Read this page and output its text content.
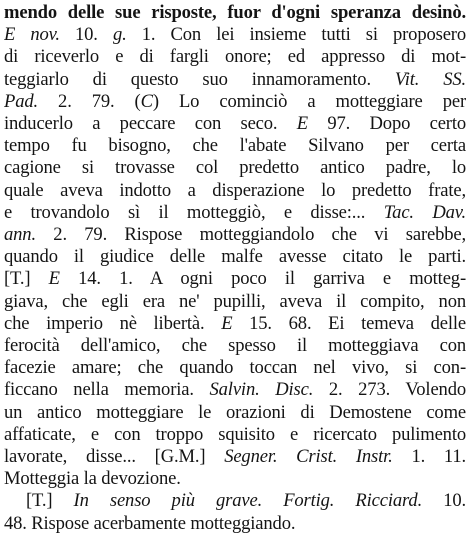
mendo delle sue risposte, fuor d'ogni speranza desinò.
E nov. 10. g. 1. Con lei insieme tutti si proposero
di riceverlo e di fargli onore; ed appresso di mot-
teggiarlo di questo suo innamoramento. Vit. SS.
Pad. 2. 79. (C) Lo cominciò a motteggiare per
inducerlo a peccare con seco. E 97. Dopo certo
tempo fu bisogno, che l'abate Silvano per certa
cagione si trovasse col predetto antico padre, lo
quale aveva indotto a disperazione lo predetto frate,
e trovandolo sì il motteggiò, e disse:... Tac. Dav.
ann. 2. 79. Rispose motteggiandolo che vi sarebbe,
quando il giudice delle malfe avesse citato le parti.
[T.] E 14. 1. A ogni poco il garriva e motteg-
giava, che egli era ne' pupilli, aveva il compito, non
che imperio nè libertà. E 15. 68. Ei temeva delle
ferocità dell'amico, che spesso il motteggiava con
facezie amare; che quando toccan nel vivo, si con-
ficcano nella memoria. Salvin. Disc. 2. 273. Volendo
un antico motteggiare le orazioni di Demostene come
affaticate, e con troppo squisito e ricercato pulimento
lavorate, disse... [G.M.] Segner. Crist. Instr. 1. 11.
Motteggia la devozione.
[T.] In senso più grave. Fortig. Ricciard. 10.
48. Rispose acerbamente motteggiando.
